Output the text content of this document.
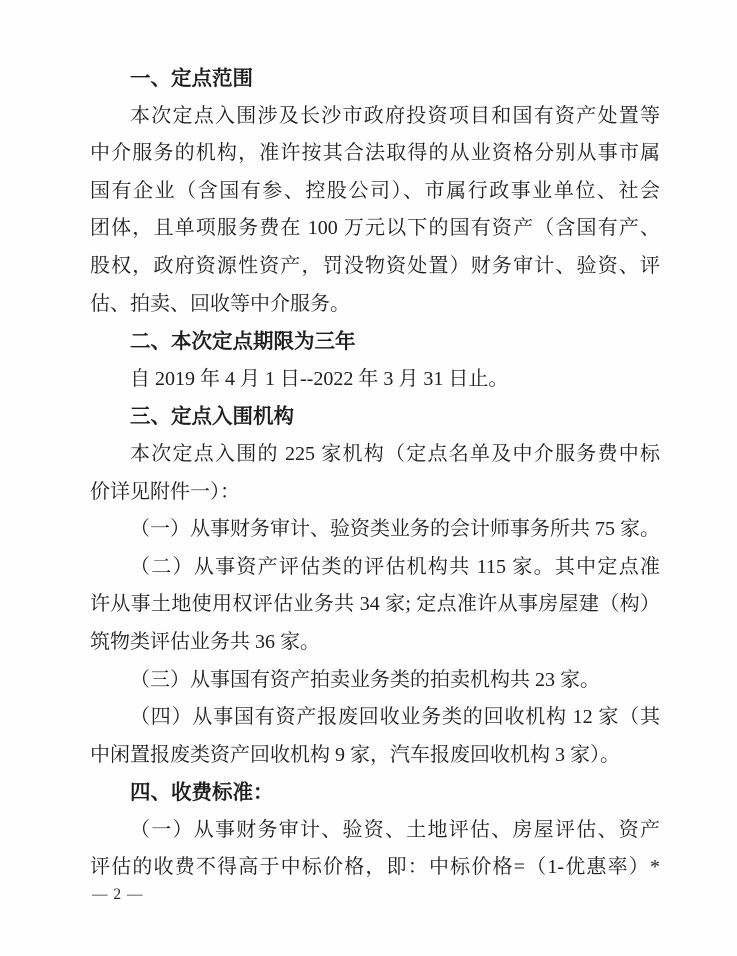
一、定点范围
本次定点入围涉及长沙市政府投资项目和国有资产处置等
中介服务的机构，准许按其合法取得的从业资格分别从事市属
国有企业（含国有参、控股公司）、市属行政事业单位、社会
团体，且单项服务费在 100 万元以下的国有资产（含国有产、
股权，政府资源性资产，罚没物资处置）财务审计、验资、评
估、拍卖、回收等中介服务。
二、本次定点期限为三年
自 2019 年 4 月 1 日--2022 年 3 月 31 日止。
三、定点入围机构
本次定点入围的 225 家机构（定点名单及中介服务费中标
价详见附件一）：
（一）从事财务审计、验资类业务的会计师事务所共 75 家。
（二）从事资产评估类的评估机构共 115 家。其中定点准
许从事土地使用权评估业务共 34 家; 定点准许从事房屋建（构）
筑物类评估业务共 36 家。
（三）从事国有资产拍卖业务类的拍卖机构共 23 家。
（四）从事国有资产报废回收业务类的回收机构 12 家（其
中闲置报废类资产回收机构 9 家，汽车报废回收机构 3 家）。
四、收费标准：
（一）从事财务审计、验资、土地评估、房屋评估、资产
评估的收费不得高于中标价格，即：中标价格=（1-优惠率）*
— 2 —
